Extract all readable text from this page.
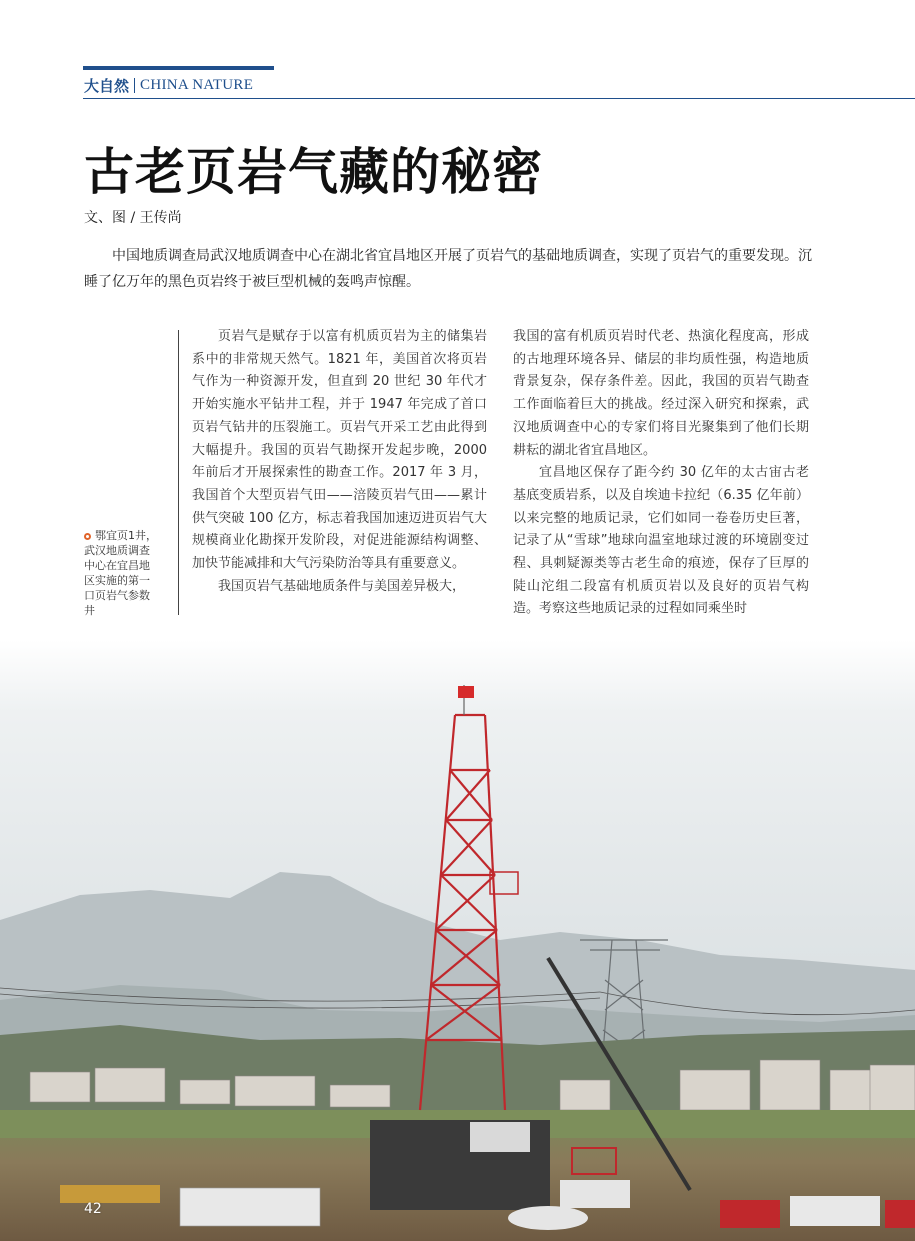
大自然 CHINA NATURE
古老页岩气藏的秘密
文、图 / 王传尚

中国地质调查局武汉地质调查中心在湖北省宜昌地区开展了页岩气的基础地质调查，实现了页岩气的重要发现。沉睡了亿万年的黑色页岩终于被巨型机械的轰鸣声惊醒。

鄂宜页1井，武汉地质调查中心在宜昌地区实施的第一口页岩气参数井

页岩气是赋存于以富有机质页岩为主的储集岩系中的非常规天然气。1821 年，美国首次将页岩气作为一种资源开发，但直到 20 世纪 30 年代才开始实施水平钻井工程，并于 1947 年完成了首口页岩气钻井的压裂施工。页岩气开采工艺由此得到大幅提升。我国的页岩气勘探开发起步晚，2000 年前后才开展探索性的勘查工作。2017 年 3 月，我国首个大型页岩气田——涪陵页岩气田——累计供气突破 100 亿方，标志着我国加速迈进页岩气大规模商业化勘探开发阶段，对促进能源结构调整、加快节能减排和大气污染防治等具有重要意义。

我国页岩气基础地质条件与美国差异极大，

我国的富有机质页岩时代老、热演化程度高，形成的古地理环境各异、储层的非均质性强，构造地质背景复杂，保存条件差。因此，我国的页岩气勘查工作面临着巨大的挑战。经过深入研究和探索，武汉地质调查中心的专家们将目光聚集到了他们长期耕耘的湖北省宜昌地区。

宜昌地区保存了距今约 30 亿年的太古宙古老基底变质岩系，以及自埃迪卡拉纪（6.35 亿年前）以来完整的地质记录，它们如同一卷卷历史巨著，记录了从“雪球”地球向温室地球过渡的环境剧变过程、具刺疑源类等古老生命的痕迹，保存了巨厚的陡山沱组二段富有机质页岩以及良好的页岩气构造。考察这些地质记录的过程如同乘坐时

42
